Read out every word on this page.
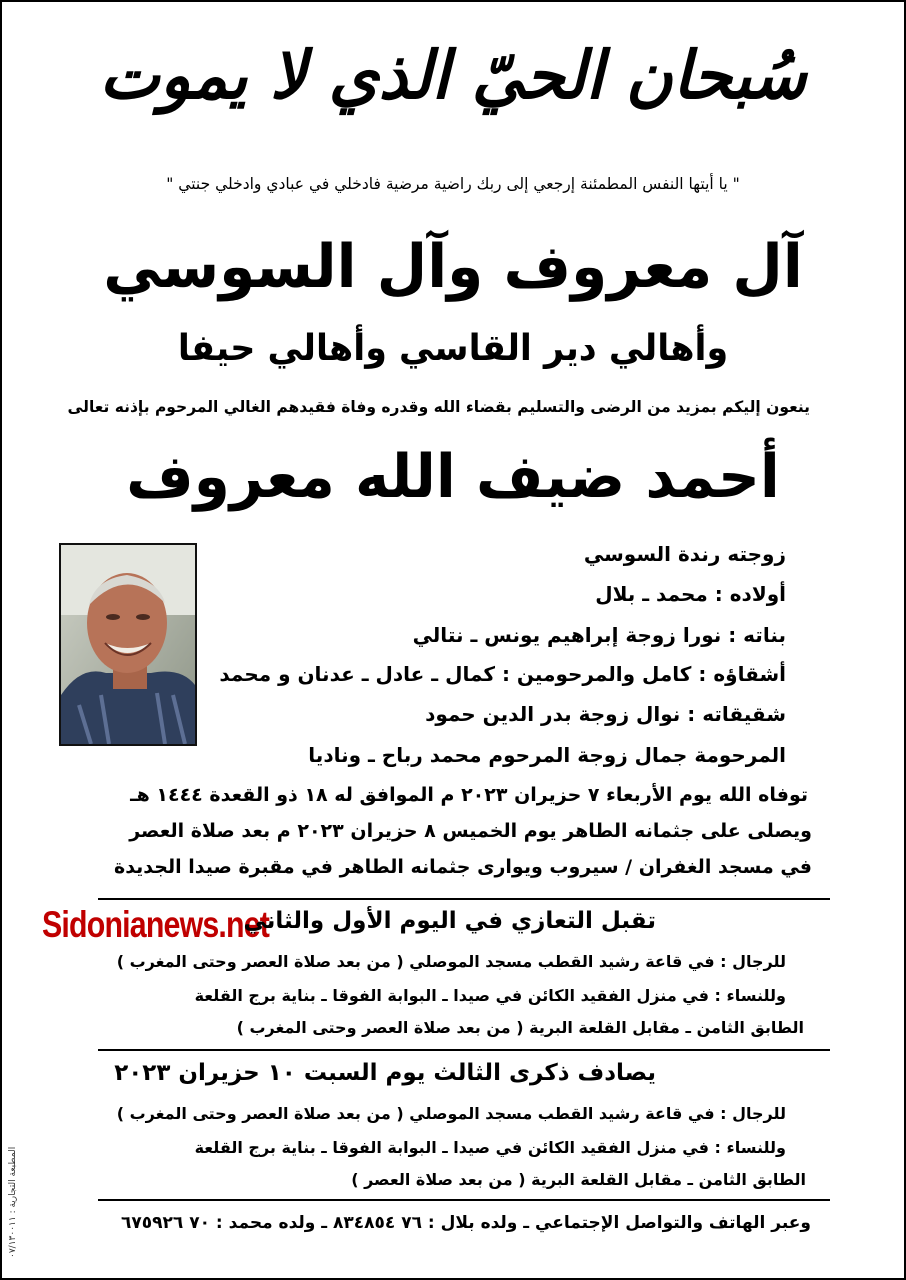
سُبحان الحيّ الذي لا يموت
" يا أيتها النفس المطمئنة إرجعي إلى ربك راضية مرضية فادخلي في عبادي وادخلي جنتي "
آل معروف وآل السوسي
وأهالي دير القاسي وأهالي حيفا
ينعون إليكم بمزيد من الرضى والتسليم بقضاء الله وقدره وفاة فقيدهم الغالي المرحوم بإذنه تعالى
أحمد ضيف الله معروف
زوجته رندة السوسي
أولاده : محمد ـ بلال
بناته : نورا زوجة إبراهيم يونس ـ نتالي
أشقاؤه : كامل والمرحومين : كمال ـ عادل ـ عدنان و محمد
شقيقاته : نوال زوجة بدر الدين حمود
المرحومة جمال زوجة المرحوم محمد رباح ـ وناديا
توفاه الله يوم الأربعاء ٧ حزيران ٢٠٢٣ م الموافق له ١٨ ذو القعدة ١٤٤٤ هـ
ويصلى على جثمانه الطاهر يوم الخميس ٨ حزيران ٢٠٢٣ م بعد صلاة العصر
في مسجد الغفران / سيروب ويوارى جثمانه الطاهر في مقبرة صيدا الجديدة
Sidonianews.net
تقبل التعازي في اليوم الأول والثاني
للرجال : في قاعة رشيد القطب مسجد الموصلي ( من بعد صلاة العصر وحتى المغرب )
وللنساء : في منزل الفقيد الكائن في صيدا ـ البوابة الفوقا ـ بناية برج القلعة
الطابق الثامن ـ مقابل القلعة البرية ( من بعد صلاة العصر وحتى المغرب )
يصادف ذكرى الثالث يوم السبت ١٠ حزيران ٢٠٢٣
للرجال : في قاعة رشيد القطب مسجد الموصلي ( من بعد صلاة العصر وحتى المغرب )
وللنساء : في منزل الفقيد الكائن في صيدا ـ البوابة الفوقا ـ بناية برج القلعة
الطابق الثامن ـ مقابل القلعة البرية ( من بعد صلاة العصر )
وعبر الهاتف والتواصل الإجتماعي ـ ولده بلال : ٧٦ ٨٣٤٨٥٤ ـ ولده محمد : ٧٠ ٦٧٥٩٢٦
المطبعة التجارية : ٠٧/١٣٠٠١١
